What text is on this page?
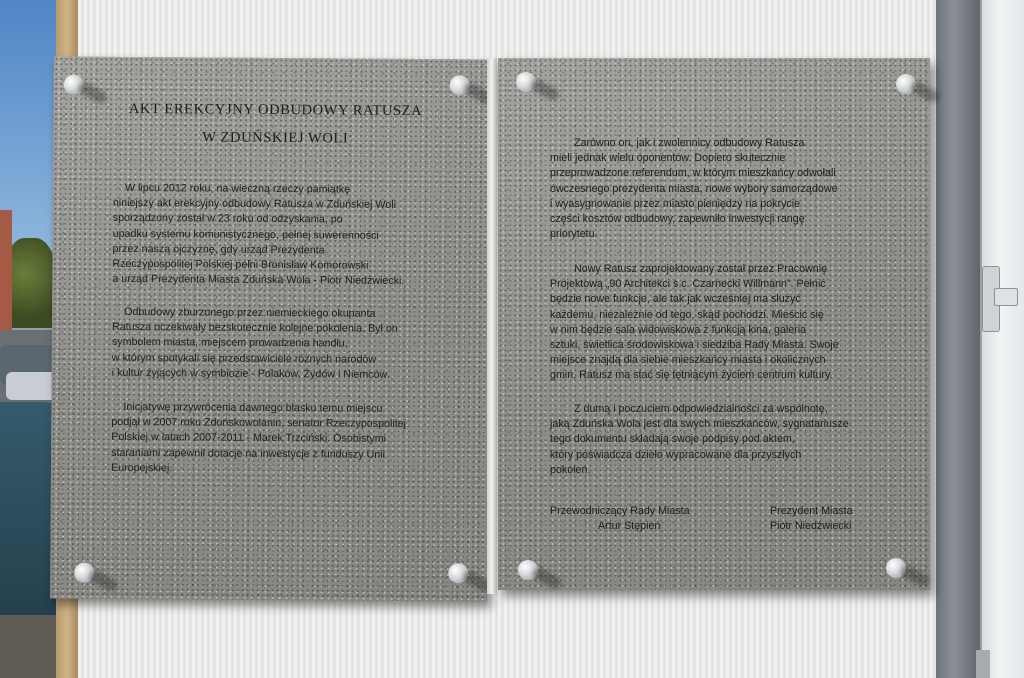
AKT EREKCYJNY ODBUDOWY RATUSZA
W ZDUŃSKIEJ WOLI

W lipcu 2012 roku, na wieczną rzeczy pamiątkę
niniejszy akt erekcyjny odbudowy Ratusza w Zduńskiej Woli
sporządzony został w 23 roku od odzyskania, po
upadku systemu komunistycznego, pełnej suwerenności
przez naszą ojczyznę, gdy urząd Prezydenta
Rzeczypospolitej Polskiej pełni Bronisław Komorowski
a urząd Prezydenta Miasta Zduńska Wola - Piotr Niedźwiecki.

Odbudowy zburzonego przez niemieckiego okupanta
Ratusza oczekiwały bezskutecznie kolejne pokolenia. Był on
symbolem miasta, miejscem prowadzenia handlu,
w którym spotykali się przedstawiciele różnych narodów
i kultur żyjących w symbiozie - Polaków, Żydów i Niemców.

Inicjatywę przywrócenia dawnego blasku temu miejscu
podjął w 2007 roku Zduńskowolanin, senator Rzeczypospolitej
Polskiej w latach 2007-2011 - Marek Trzciński. Osobistymi
staraniami zapewnił dotacje na inwestycje z funduszy Unii
Europejskiej.

Zarówno on, jak i zwolennicy odbudowy Ratusza
mieli jednak wielu oponentów. Dopiero skutecznie
przeprowadzone referendum, w którym mieszkańcy odwołali
ówczesnego prezydenta miasta, nowe wybory samorządowe
i wyasygnowanie przez miasto pieniędzy na pokrycie
części kosztów odbudowy, zapewniło inwestycji rangę
priorytetu.

Nowy Ratusz zaprojektowany został przez Pracownię
Projektową „90 Architekci s.c. Czarnecki Willmann”. Pełnić
będzie nowe funkcje, ale tak jak wcześniej ma służyć
każdemu, niezależnie od tego, skąd pochodzi. Mieścić się
w nim będzie sala widowiskowa z funkcją kina, galeria
sztuki, świetlica środowiskowa i siedziba Rady Miasta. Swoje
miejsce znajdą dla siebie mieszkańcy miasta i okolicznych
gmin. Ratusz ma stać się tętniącym życiem centrum kultury.

Z dumą i poczuciem odpowiedzialności za wspólnotę,
jaką Zduńska Wola jest dla swych mieszkańców, sygnatariusze
tego dokumentu składają swoje podpisy pod aktem,
który poświadcza dzieło wypracowane dla przyszłych
pokoleń.

Przewodniczący Rady Miasta

Artur Stępień

Prezydent Miasta

Piotr Niedźwiecki
